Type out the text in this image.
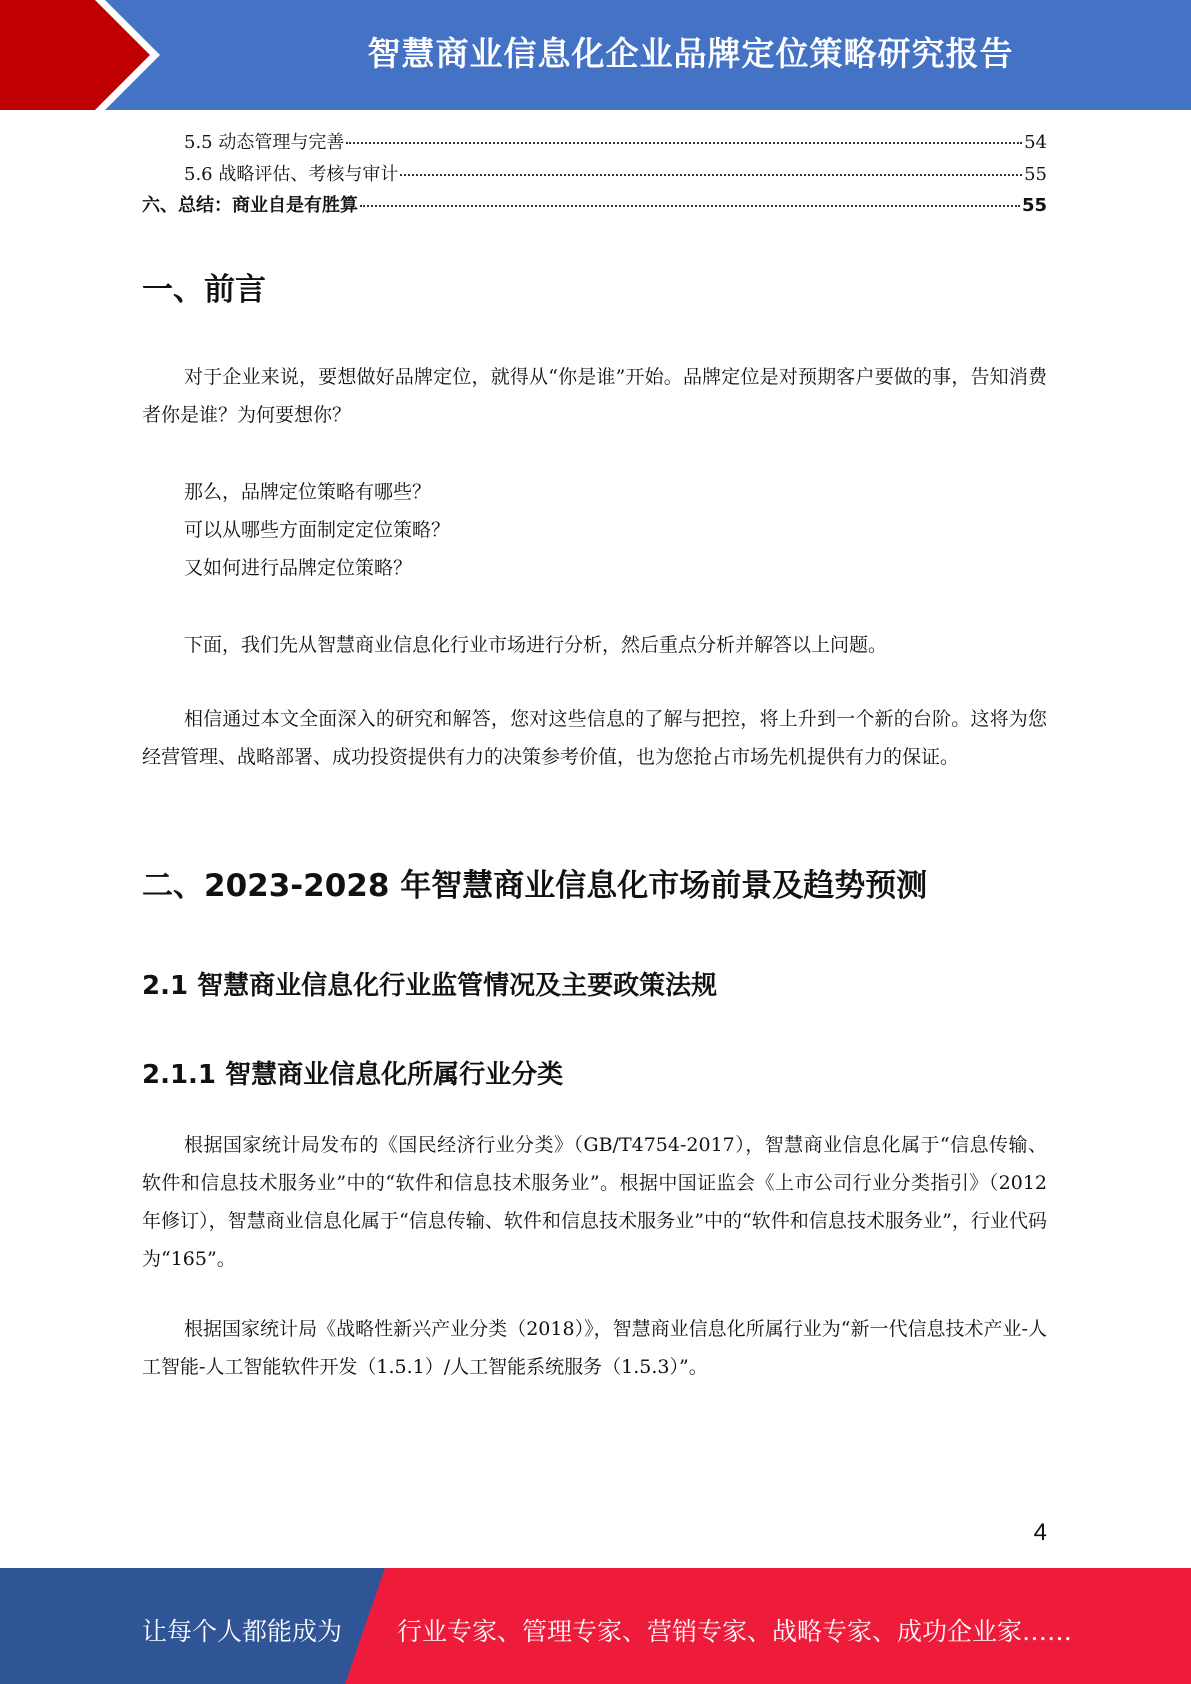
智慧商业信息化企业品牌定位策略研究报告
5.5 动态管理与完善	54
5.6 战略评估、考核与审计	55
六、总结：商业自是有胜算	55
一、前言
对于企业来说，要想做好品牌定位，就得从“你是谁”开始。品牌定位是对预期客户要做的事，告知消费者你是谁？为何要想你？
那么，品牌定位策略有哪些？
可以从哪些方面制定定位策略？
又如何进行品牌定位策略？
下面，我们先从智慧商业信息化行业市场进行分析，然后重点分析并解答以上问题。
相信通过本文全面深入的研究和解答，您对这些信息的了解与把控，将上升到一个新的台阶。这将为您经营管理、战略部署、成功投资提供有力的决策参考价值，也为您抢占市场先机提供有力的保证。
二、2023-2028 年智慧商业信息化市场前景及趋势预测
2.1 智慧商业信息化行业监管情况及主要政策法规
2.1.1 智慧商业信息化所属行业分类
根据国家统计局发布的《国民经济行业分类》（GB/T4754-2017），智慧商业信息化属于“信息传输、软件和信息技术服务业”中的“软件和信息技术服务业”。根据中国证监会《上市公司行业分类指引》（2012 年修订），智慧商业信息化属于“信息传输、软件和信息技术服务业”中的“软件和信息技术服务业”，行业代码为“165”。
根据国家统计局《战略性新兴产业分类（2018）》，智慧商业信息化所属行业为“新一代信息技术产业-人工智能-人工智能软件开发（1.5.1）/人工智能系统服务（1.5.3）”。
4
让每个人都能成为 行业专家、管理专家、营销专家、战略专家、成功企业家……
